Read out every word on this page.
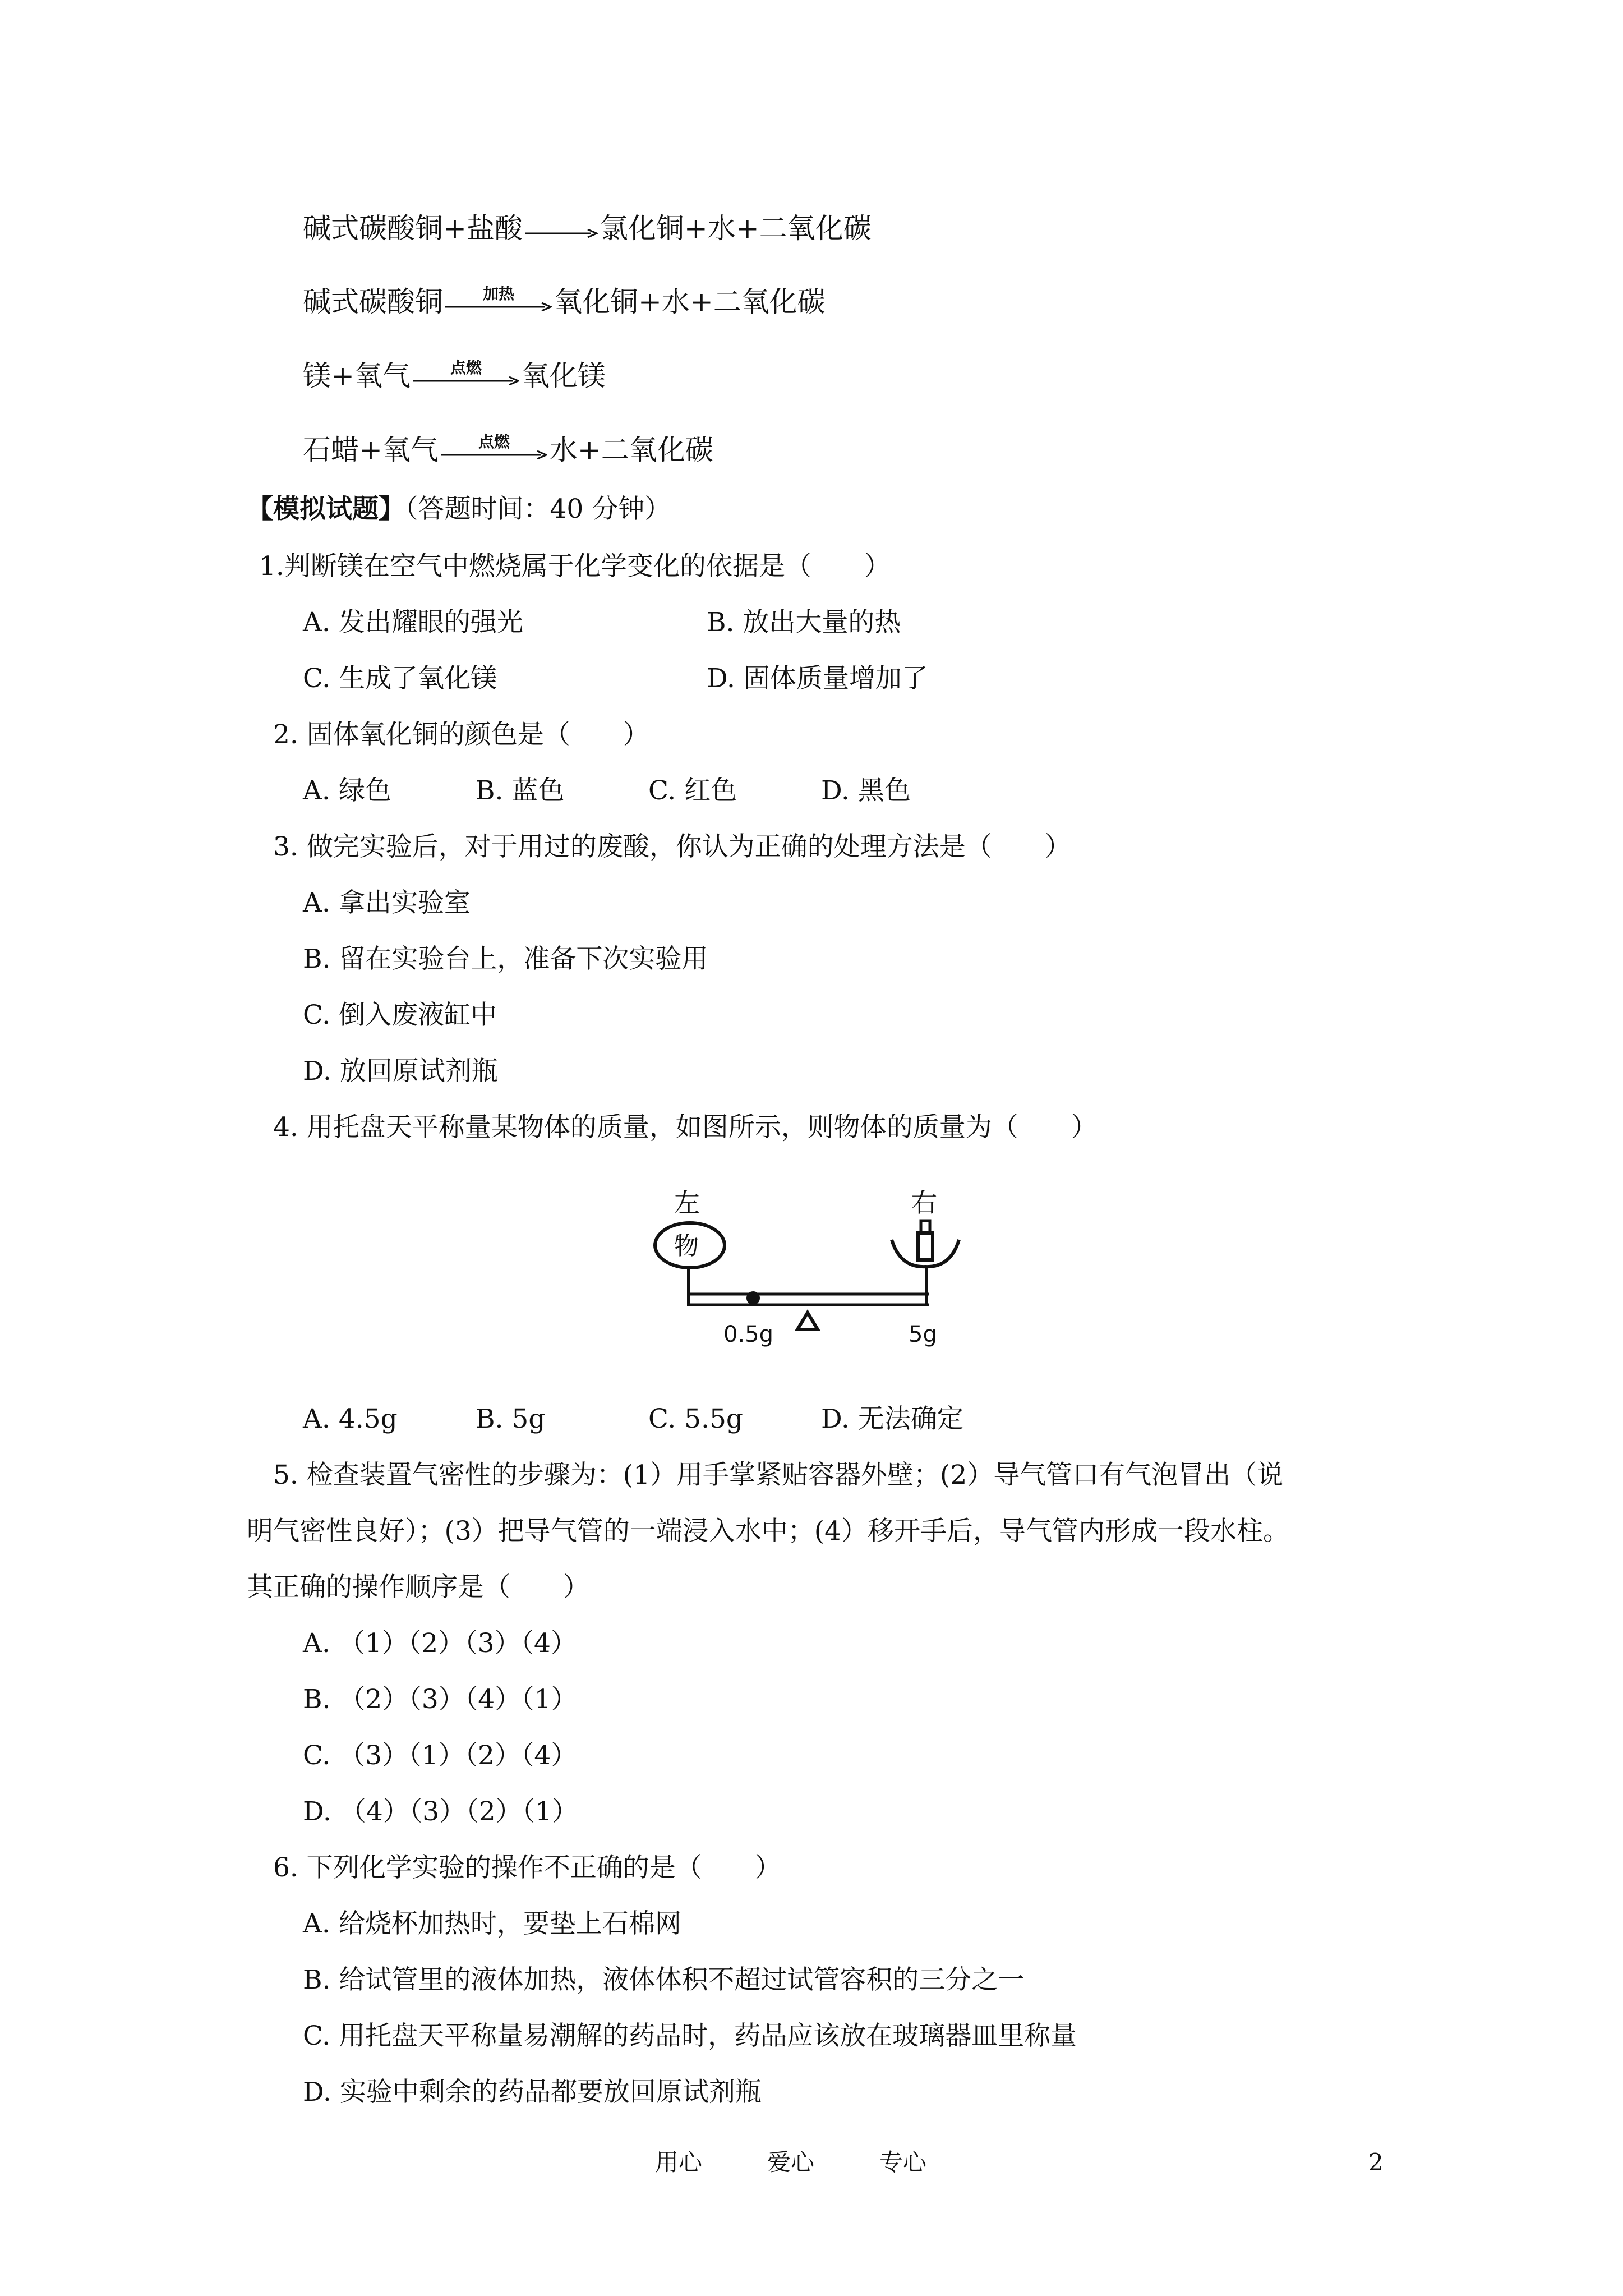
碱式碳酸铜+盐酸 → 氯化铜+水+二氧化碳
碱式碳酸铜	加热 氧化铜+水+二氧化碳
镁+氧气	点燃 氧化镁
石蜡+氧气	点燃 水+二氧化碳
【模拟试题】（答题时间：40 分钟）
1.判断镁在空气中燃烧属于化学变化的依据是（　　）
A. 发出耀眼的强光	B. 放出大量的热
C. 生成了氧化镁	D. 固体质量增加了
2. 固体氧化铜的颜色是（　　）
A. 绿色	B. 蓝色	C. 红色	D. 黑色
3. 做完实验后，对于用过的废酸，你认为正确的处理方法是（　　）
A. 拿出实验室
B. 留在实验台上，准备下次实验用
C. 倒入废液缸中
D. 放回原试剂瓶
4. 用托盘天平称量某物体的质量，如图所示，则物体的质量为（　　）
左	右
物
0.5g	5g
A. 4.5g	B. 5g	C. 5.5g	D. 无法确定
5. 检查装置气密性的步骤为：(1）用手掌紧贴容器外壁；(2）导气管口有气泡冒出（说
明气密性良好）；(3）把导气管的一端浸入水中；(4）移开手后，导气管内形成一段水柱。
其正确的操作顺序是（　　）
A. （1）（2）（3）（4）
B. （2）（3）（4）（1）
C. （3）（1）（2）（4）
D. （4）（3）（2）（1）
6. 下列化学实验的操作不正确的是（　　）
A. 给烧杯加热时，要垫上石棉网
B. 给试管里的液体加热，液体体积不超过试管容积的三分之一
C. 用托盘天平称量易潮解的药品时，药品应该放在玻璃器皿里称量
D. 实验中剩余的药品都要放回原试剂瓶
用心	爱心	专心	2
